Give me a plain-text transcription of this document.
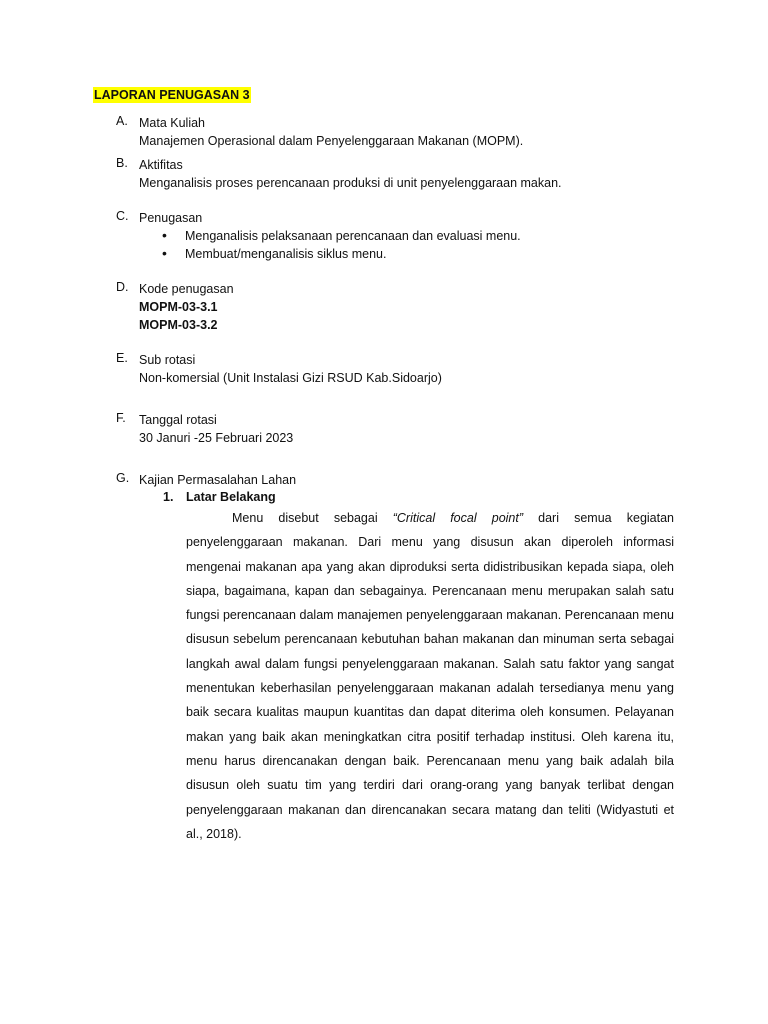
LAPORAN PENUGASAN 3
A. Mata Kuliah
Manajemen Operasional dalam Penyelenggaraan Makanan (MOPM).
B. Aktifitas
Menganalisis proses perencanaan produksi di unit penyelenggaraan makan.
C. Penugasan
• Menganalisis pelaksanaan perencanaan dan evaluasi menu.
• Membuat/menganalisis siklus menu.
D. Kode penugasan
MOPM-03-3.1
MOPM-03-3.2
E. Sub rotasi
Non-komersial (Unit Instalasi Gizi RSUD Kab.Sidoarjo)
F.	Tanggal rotasi
30 Januri -25 Februari 2023
G. Kajian Permasalahan Lahan
1. Latar Belakang

Menu disebut sebagai “Critical focal point” dari semua kegiatan penyelenggaraan makanan. Dari menu yang disusun akan diperoleh informasi mengenai makanan apa yang akan diproduksi serta didistribusikan kepada siapa, oleh siapa, bagaimana, kapan dan sebagainya. Perencanaan menu merupakan salah satu fungsi perencanaan dalam manajemen penyelenggaraan makanan. Perencanaan menu disusun sebelum perencanaan kebutuhan bahan makanan dan minuman serta sebagai langkah awal dalam fungsi penyelenggaraan makanan. Salah satu faktor yang sangat menentukan keberhasilan penyelenggaraan makanan adalah tersedianya menu yang baik secara kualitas maupun kuantitas dan dapat diterima oleh konsumen. Pelayanan makan yang baik akan meningkatkan citra positif terhadap institusi. Oleh karena itu, menu harus direncanakan dengan baik. Perencanaan menu yang baik adalah bila disusun oleh suatu tim yang terdiri dari orang-orang yang banyak terlibat dengan penyelenggaraan makanan dan direncanakan secara matang dan teliti (Widyastuti et al., 2018).
